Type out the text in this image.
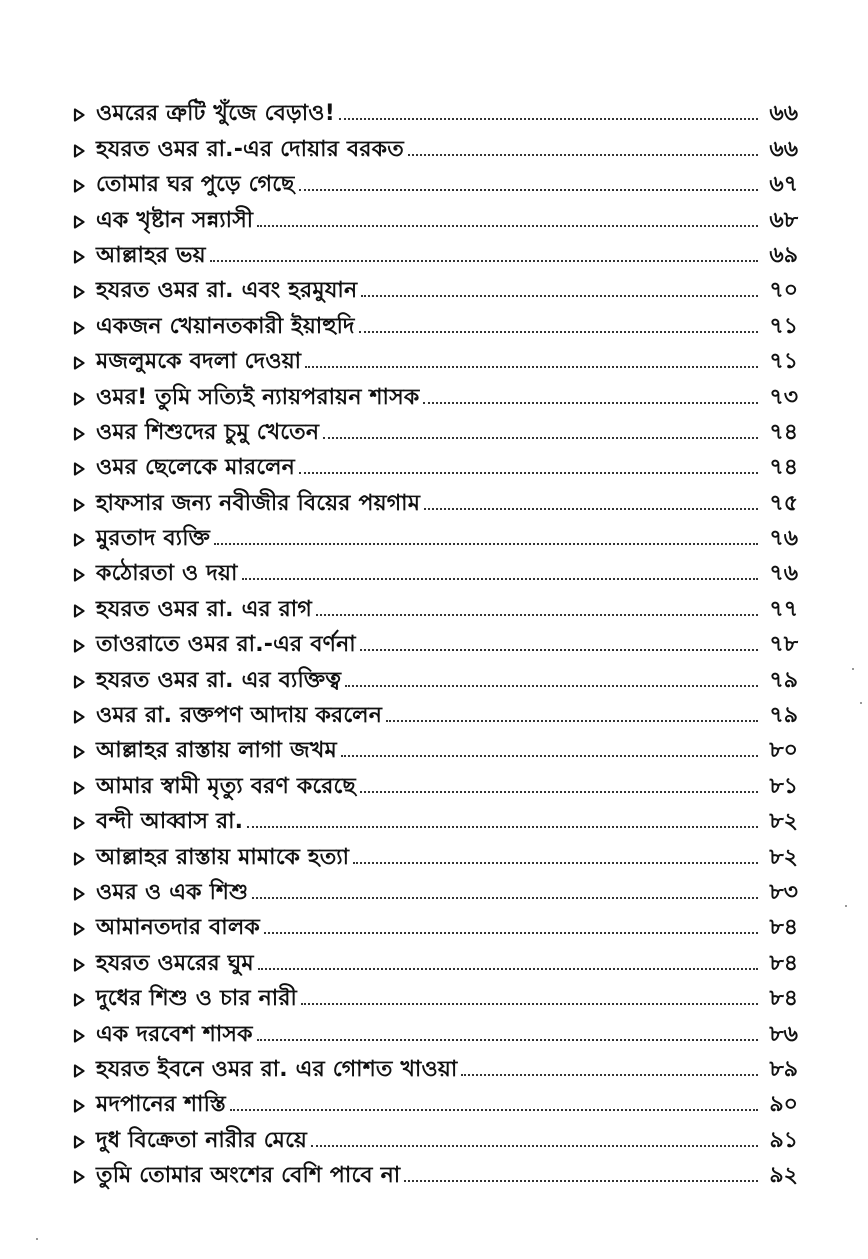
ওমরের ত্রুটি খুঁজে বেড়াও!	৬৬
হযরত ওমর রা.-এর দোয়ার বরকত	৬৬
তোমার ঘর পুড়ে গেছে	৬৭
এক খৃষ্টান সন্ন্যাসী	৬৮
আল্লাহর ভয়	৬৯
হযরত ওমর রা. এবং হরমুযান	৭০
একজন খেয়ানতকারী ইয়াহুদি	৭১
মজলুমকে বদলা দেওয়া	৭১
ওমর! তুমি সত্যিই ন্যায়পরায়ন শাসক	৭৩
ওমর শিশুদের চুমু খেতেন	৭৪
ওমর ছেলেকে মারলেন	৭৪
হাফসার জন্য নবীজীর বিয়ের পয়গাম	৭৫
মুরতাদ ব্যক্তি	৭৬
কঠোরতা ও দয়া	৭৬
হযরত ওমর রা. এর রাগ	৭৭
তাওরাতে ওমর রা.-এর বর্ণনা	৭৮
হযরত ওমর রা. এর ব্যক্তিত্ব	৭৯
ওমর রা. রক্তপণ আদায় করলেন	৭৯
আল্লাহর রাস্তায় লাগা জখম	৮০
আমার স্বামী মৃত্যু বরণ করেছে	৮১
বন্দী আব্বাস রা.	৮২
আল্লাহর রাস্তায় মামাকে হত্যা	৮২
ওমর ও এক শিশু	৮৩
আমানতদার বালক	৮৪
হযরত ওমরের ঘুম	৮৪
দুধের শিশু ও চার নারী	৮৪
এক দরবেশ শাসক	৮৬
হযরত ইবনে ওমর রা. এর গোশত খাওয়া	৮৯
মদপানের শাস্তি	৯০
দুধ বিক্রেতা নারীর মেয়ে	৯১
তুমি তোমার অংশের বেশি পাবে না	৯২
